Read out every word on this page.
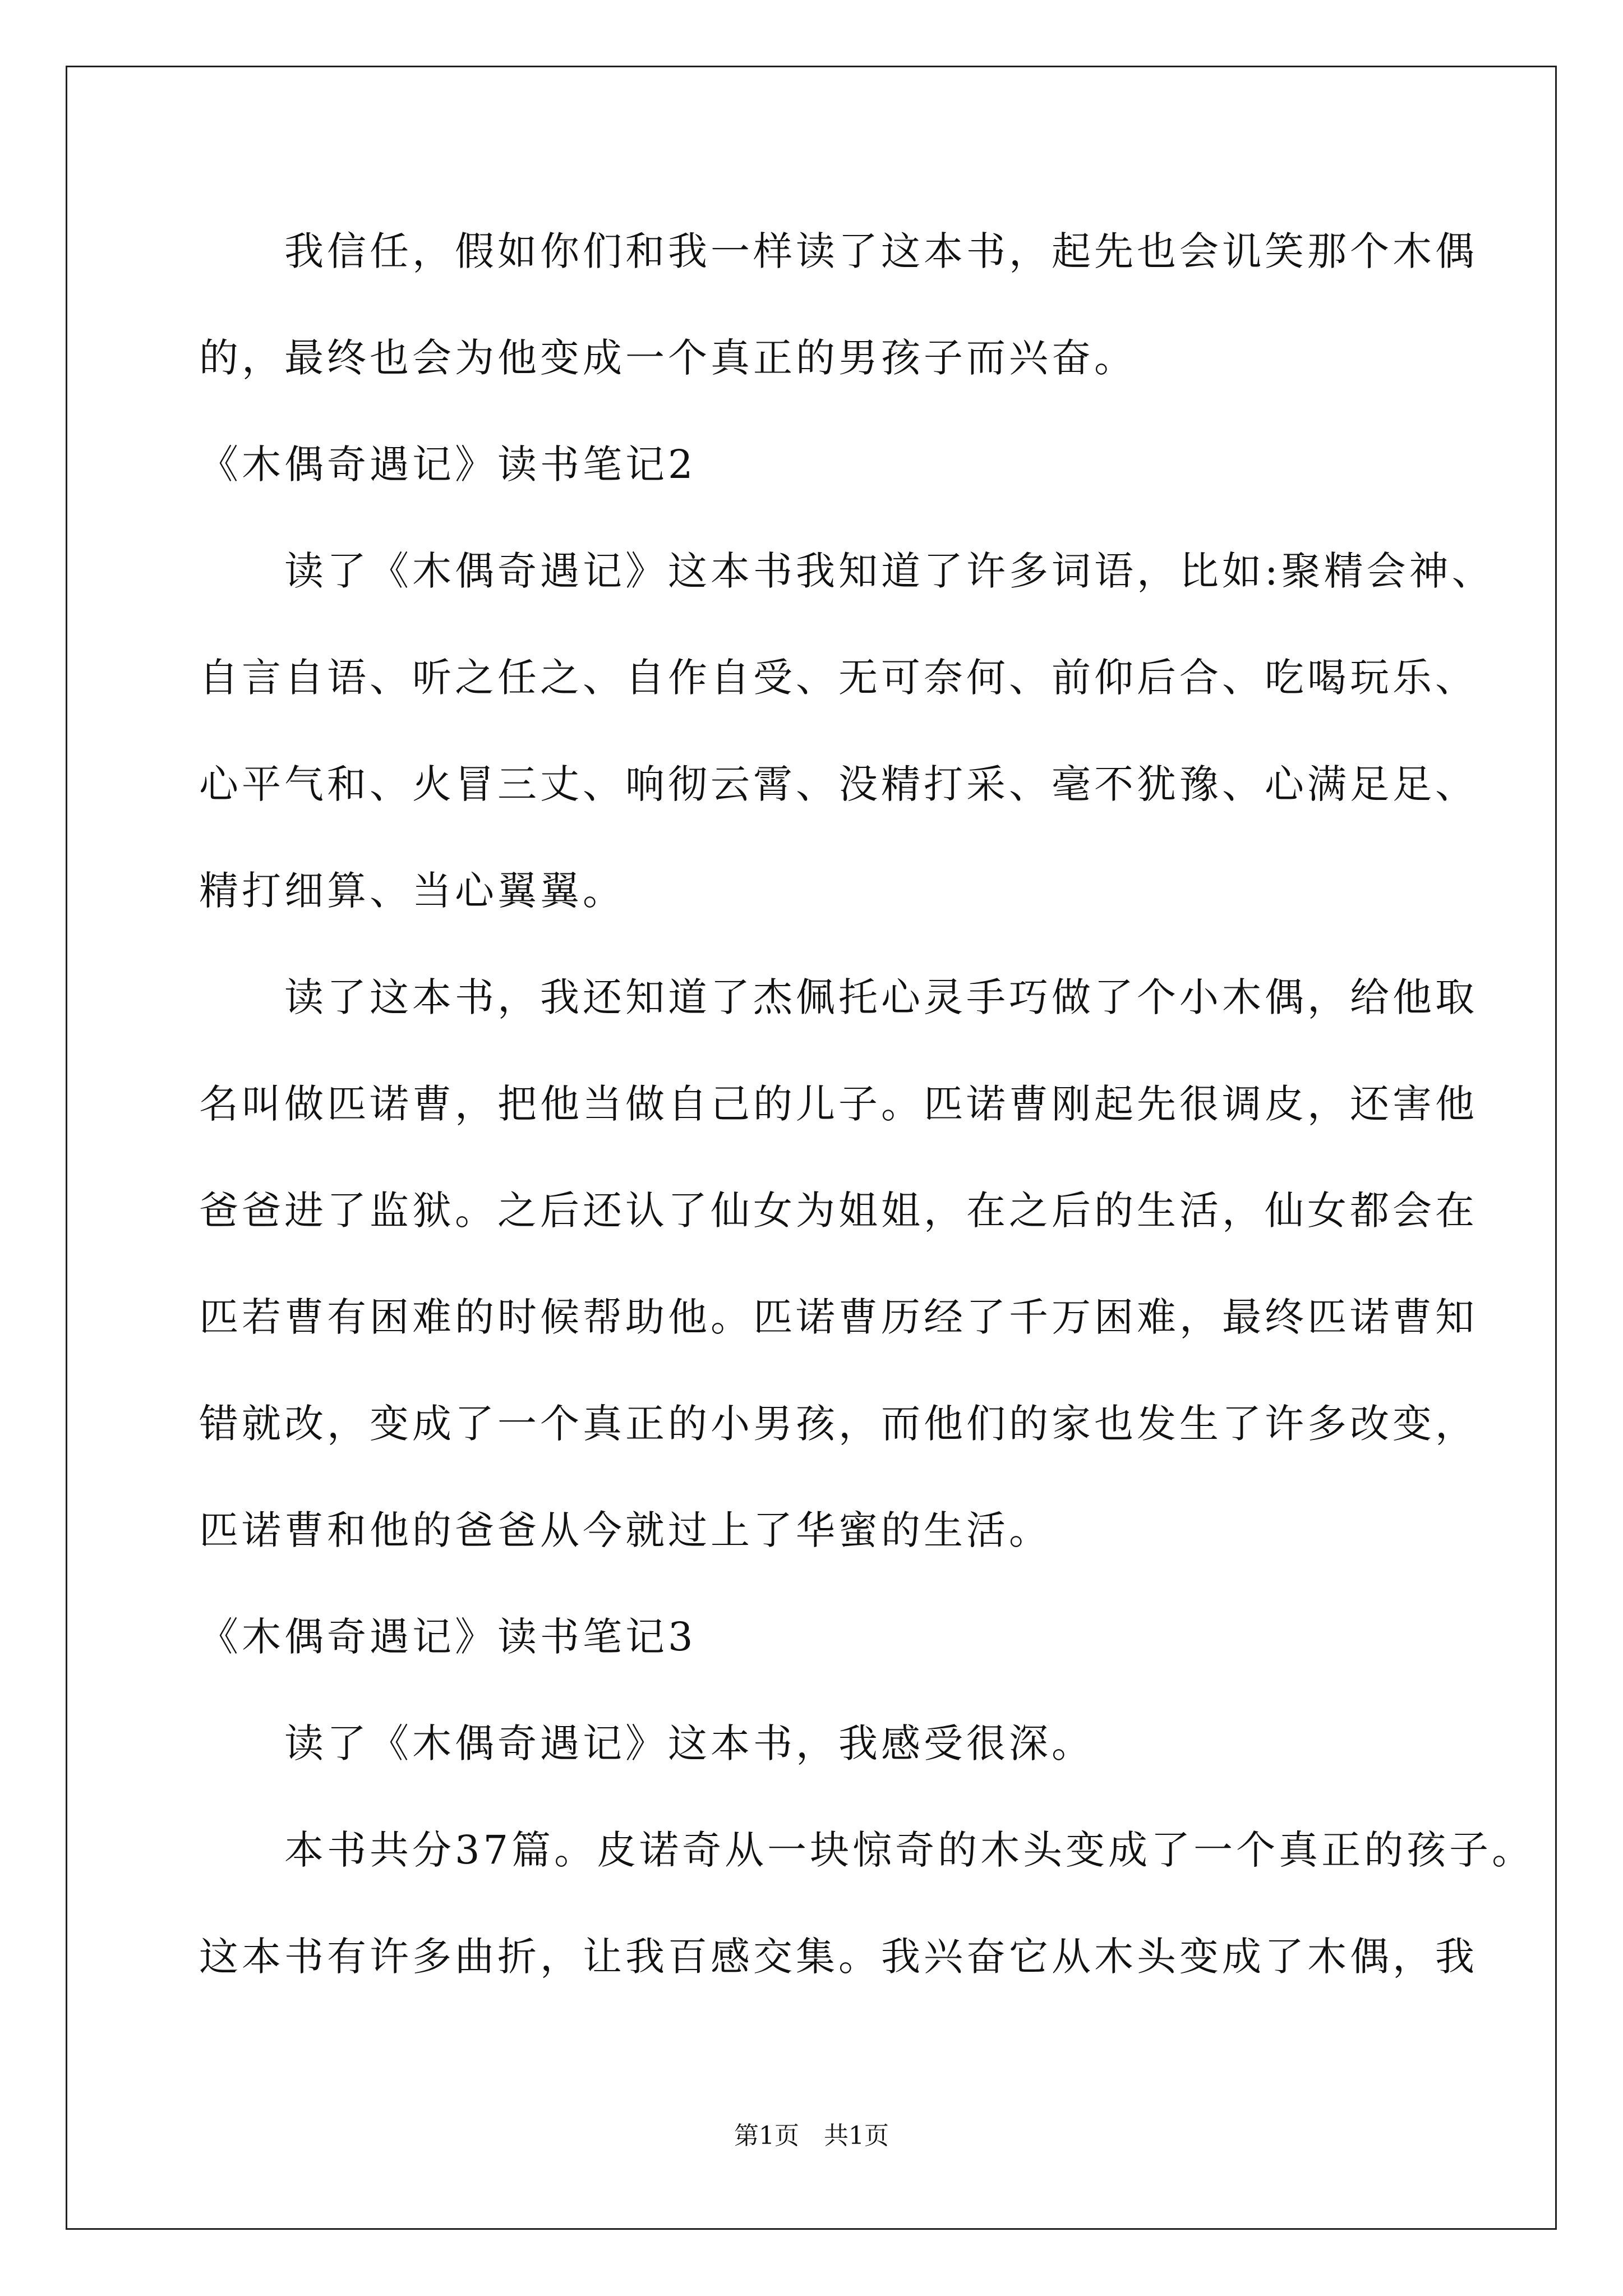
　　我信任，假如你们和我一样读了这本书，起先也会讥笑那个木偶
的，最终也会为他变成一个真正的男孩子而兴奋。
《木偶奇遇记》读书笔记2
　　读了《木偶奇遇记》这本书我知道了许多词语，比如:聚精会神、
自言自语、听之任之、自作自受、无可奈何、前仰后合、吃喝玩乐、
心平气和、火冒三丈、响彻云霄、没精打采、毫不犹豫、心满足足、
精打细算、当心翼翼。
　　读了这本书，我还知道了杰佩托心灵手巧做了个小木偶，给他取
名叫做匹诺曹，把他当做自己的儿子。匹诺曹刚起先很调皮，还害他
爸爸进了监狱。之后还认了仙女为姐姐，在之后的生活，仙女都会在
匹若曹有困难的时候帮助他。匹诺曹历经了千万困难，最终匹诺曹知
错就改，变成了一个真正的小男孩，而他们的家也发生了许多改变，
匹诺曹和他的爸爸从今就过上了华蜜的生活。
《木偶奇遇记》读书笔记3
　　读了《木偶奇遇记》这本书，我感受很深。
　　本书共分37篇。皮诺奇从一块惊奇的木头变成了一个真正的孩子。
这本书有许多曲折，让我百感交集。我兴奋它从木头变成了木偶，我
第1页　共1页
